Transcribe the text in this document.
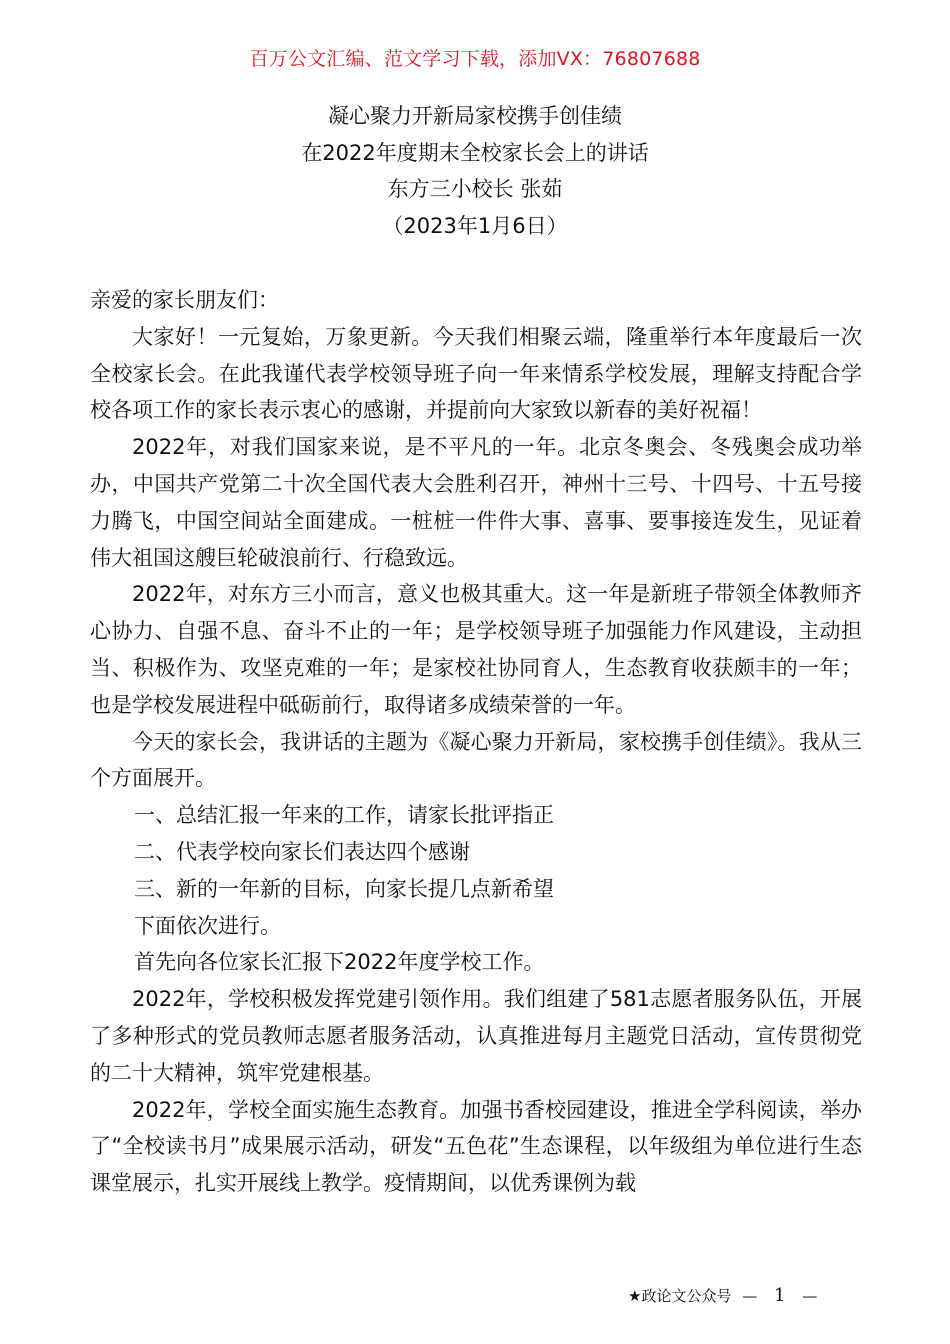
百万公文汇编、范文学习下载，添加VX：76807688
凝心聚力开新局家校携手创佳绩
在2022年度期末全校家长会上的讲话
东方三小校长 张茹
（2023年1月6日）

亲爱的家长朋友们：

大家好！一元复始，万象更新。今天我们相聚云端，隆重举行本年度最后一次全校家长会。在此我谨代表学校领导班子向一年来情系学校发展，理解支持配合学校各项工作的家长表示衷心的感谢，并提前向大家致以新春的美好祝福！

2022年，对我们国家来说，是不平凡的一年。北京冬奥会、冬残奥会成功举办，中国共产党第二十次全国代表大会胜利召开，神州十三号、十四号、十五号接力腾飞，中国空间站全面建成。一桩桩一件件大事、喜事、要事接连发生，见证着伟大祖国这艘巨轮破浪前行、行稳致远。

2022年，对东方三小而言，意义也极其重大。这一年是新班子带领全体教师齐心协力、自强不息、奋斗不止的一年；是学校领导班子加强能力作风建设，主动担当、积极作为、攻坚克难的一年；是家校社协同育人，生态教育收获颇丰的一年；也是学校发展进程中砥砺前行，取得诸多成绩荣誉的一年。

今天的家长会，我讲话的主题为《凝心聚力开新局，家校携手创佳绩》。我从三个方面展开。

一、总结汇报一年来的工作，请家长批评指正

二、代表学校向家长们表达四个感谢

三、新的一年新的目标，向家长提几点新希望

下面依次进行。

首先向各位家长汇报下2022年度学校工作。

2022年，学校积极发挥党建引领作用。我们组建了581志愿者服务队伍，开展了多种形式的党员教师志愿者服务活动，认真推进每月主题党日活动，宣传贯彻党的二十大精神，筑牢党建根基。

2022年，学校全面实施生态教育。加强书香校园建设，推进全学科阅读，举办了“全校读书月”成果展示活动，研发“五色花”生态课程，以年级组为单位进行生态课堂展示，扎实开展线上教学。疫情期间，以优秀课例为载

★政论文公众号 — 1 —
